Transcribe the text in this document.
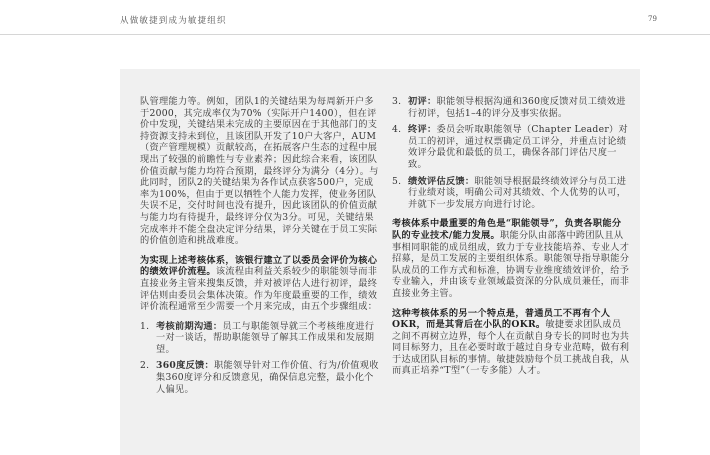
从做敏捷到成为敏捷组织	79

队管理能力等。例如，团队1的关键结果为每周新开户多于2000，其完成率仅为70%（实际开户1400），但在评价中发现，关键结果未完成的主要原因在于其他部门的支持资源支持未到位，且该团队开发了10户大客户，AUM（资产管理规模）贡献较高，在拓展客户生态的过程中展现出了较强的前瞻性与专业素养；因此综合来看，该团队价值贡献与能力均符合预期，最终评分为满分（4分）。与此同时，团队2的关键结果为各作试点获客500户，完成率为100%，但由于更以牺牲个人能力发挥，使业务团队失误不足，交付时间也没有提升，因此该团队的价值贡献与能力均有待提升，最终评分仅为3分。可见，关键结果完成率并不能全盘决定评分结果，评分关键在于员工实际的价值创造和挑战难度。

为实现上述考核体系，该银行建立了以委员会评价为核心的绩效评价流程。该流程由利益关系较少的职能领导而非直接业务主管来搜集反馈，并对被评估人进行初评，最终评估则由委员会集体决策。作为年度最重要的工作，绩效评价流程通常至少需要一个月来完成，由五个步骤组成：

1. 考核前期沟通：员工与职能领导就三个考核维度进行一对一谈话，帮助职能领导了解其工作成果和发展期望。
2. 360度反馈：职能领导针对工作价值、行为/价值观收集360度评分和反馈意见，确保信息完整，最小化个人偏见。
3. 初评：职能领导根据沟通和360度反馈对员工绩效进行初评，包括1–4的评分及事实依据。
4. 终评：委员会听取职能领导（Chapter Leader）对员工的初评，通过权票确定员工评分，并重点讨论绩效评分最优和最低的员工，确保各部门评估尺度一致。
5. 绩效评估反馈：职能领导根据最终绩效评分与员工进行业绩对谈，明确公司对其绩效、个人优势的认可，并就下一步发展方向进行讨论。

考核体系中最重要的角色是“职能领导”，负责各职能分队的专业技术/能力发展。职能分队由部落中跨团队且从事相同职能的成员组成，致力于专业技能培养、专业人才招募，是员工发展的主要组织体系。职能领导指导职能分队成员的工作方式和标准，协调专业维度绩效评价，给予专业输入，并由该专业领域最资深的分队成员兼任，而非直接业务主管。

这种考核体系的另一个特点是，普通员工不再有个人OKR，而是其背后在小队的OKR。敏捷要求团队成员之间不再树立边界，每个人在贡献自身专长的同时也为共同目标努力，且在必要时敢于越过自身专业范畴，做有利于达成团队目标的事情。敏捷鼓励每个员工挑战自我，从而真正培养“T型”（一专多能）人才。
